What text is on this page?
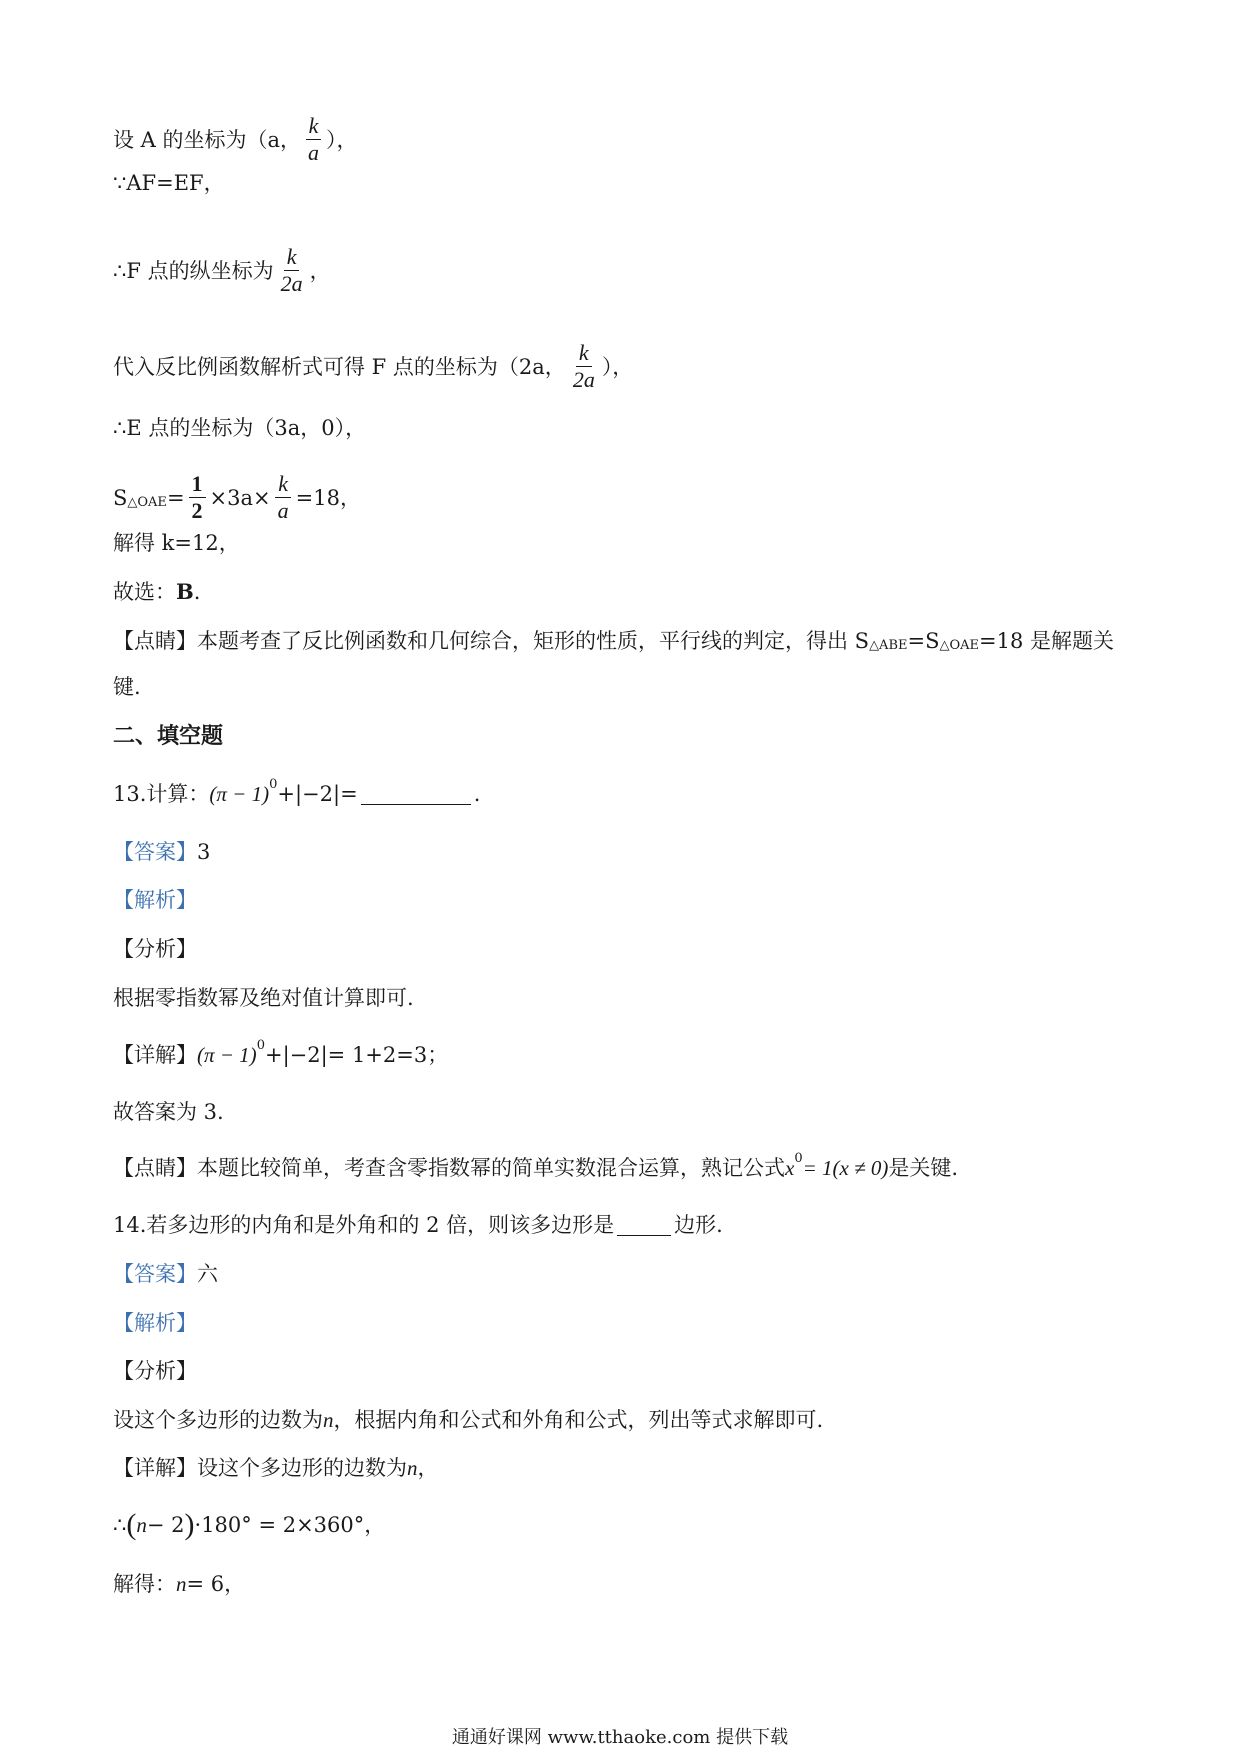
设 A 的坐标为（a， $\frac{k}{a}$ ），
∵AF=EF，
∴F 点的纵坐标为 $\frac{k}{2a}$ ，
代入反比例函数解析式可得 F 点的坐标为（2a， $\frac{k}{2a}$ ），
∴E 点的坐标为（3a，0），
S △OAE = $\frac{1}{2} \times 3a\times \frac{k}{a} =18$，
解得 k=12，
故选： B .
【点睛】 本题考查了反比例函数和几何综合，矩形的性质，平行线的判定，得出 S △ABE =S △OAE =18 是解题关
键.
二、填空题
13.计算： (π − 1) 0 +|−2|=	.
【答案】 3
【解析】
【分析】
根据零指数幂及绝对值计算即可.
【详解】 (π − 1) 0 +|−2|= 1+2=3；
故答案为 3.
【点睛】 本题比较简单，考查含零指数幂的简单实数混合运算，熟记公式 x 0 = 1(x ≠ 0) 是关键.
14.若多边形的内角和是外角和的 2 倍，则该多边形是	边形.
【答案】 六
【解析】
【分析】
设这个多边形的边数为 n ，根据内角和公式和外角和公式，列出等式求解即可.
【详解】 设这个多边形的边数为 n ，
∴ ( n − 2 ) ·180° = 2×360°，
解得： n = 6，
通通好课网 www.tthaoke.com 提供下载
